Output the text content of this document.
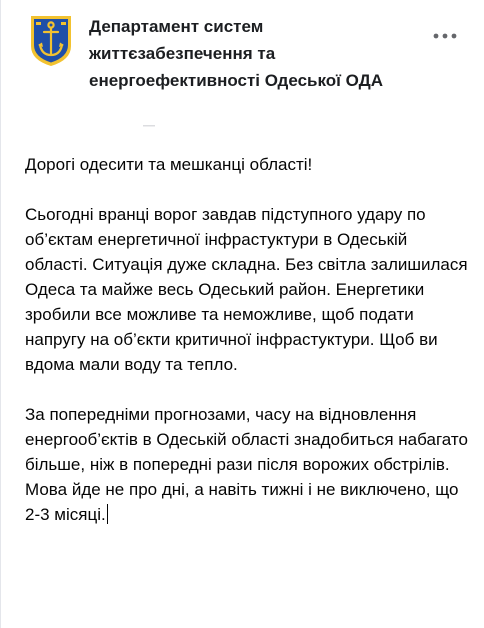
Департамент систем життєзабезпечення та енергоефективності Одеської ОДА

Дорогі одесити та мешканці області!

Сьогодні вранці ворог завдав підступного удару по об’єктам енергетичної інфрастуктури в Одеській області. Ситуація дуже складна. Без світла залишилася Одеса та майже весь Одеський район. Енергетики зробили все можливе та неможливе, щоб подати напругу на об’єкти критичної інфрастуктури. Щоб ви вдома мали воду та тепло.

За попередніми прогнозами, часу на відновлення енергооб’єктів в Одеській області знадобиться набагато більше, ніж в попередні рази після ворожих обстрілів. Мова йде не про дні, а навіть тижні і не виключено, що 2-3 місяці.
